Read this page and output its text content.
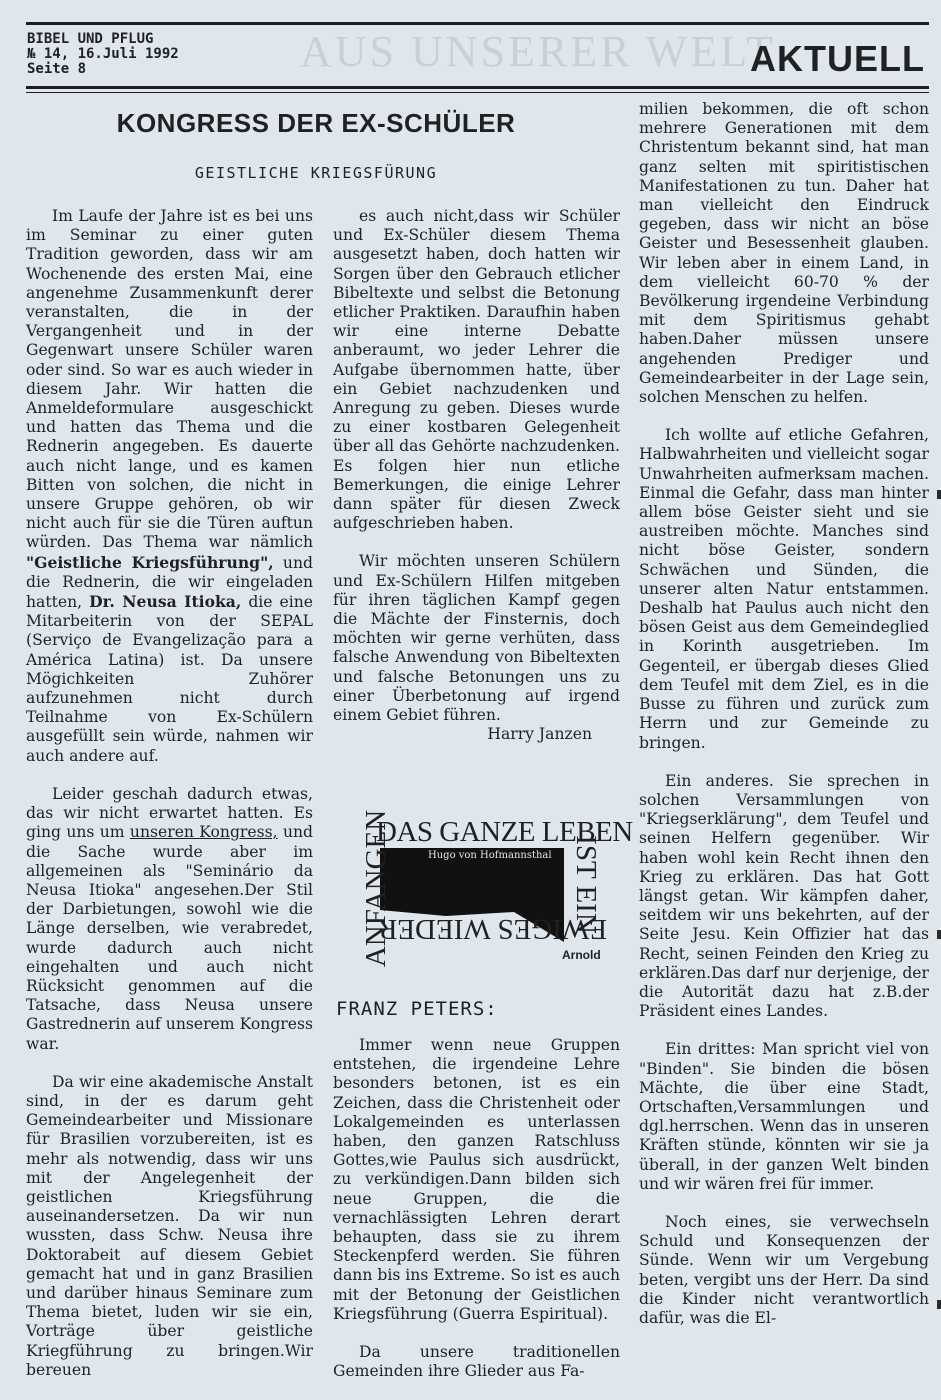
AUS UNSERER WELT
BIBEL UND PFLUG
№ 14, 16.Juli 1992
Seite 8	AKTUELL
KONGRESS DER EX-SCHÜLER
GEISTLICHE KRIEGSFÜRUNG

Im Laufe der Jahre ist es bei uns im Seminar zu einer guten Tradition geworden, dass wir am Wochenende des ersten Mai, eine angenehme Zusammenkunft derer veranstalten, die in der Vergangenheit und in der Gegenwart unsere Schüler waren oder sind. So war es auch wieder in diesem Jahr. Wir hatten die Anmeldeformulare ausgeschickt und hatten das Thema und die Rednerin angegeben. Es dauerte auch nicht lange, und es kamen Bitten von solchen, die nicht in unsere Gruppe gehören, ob wir nicht auch für sie die Türen auftun würden. Das Thema war nämlich "Geistliche Kriegsführung", und die Rednerin, die wir eingeladen hatten, Dr. Neusa Itioka, die eine Mitarbeiterin von der SEPAL (Serviço de Evangelização para a América Latina) ist. Da unsere Mögichkeiten Zuhörer aufzunehmen nicht durch Teilnahme von Ex-Schülern ausgefüllt sein würde, nahmen wir auch andere auf.

Leider geschah dadurch etwas, das wir nicht erwartet hatten. Es ging uns um unseren Kongress, und die Sache wurde aber im allgemeinen als "Seminário da Neusa Itioka" angesehen.Der Stil der Darbietungen, sowohl wie die Länge derselben, wie verabredet, wurde dadurch auch nicht eingehalten und auch nicht Rücksicht genommen auf die Tatsache, dass Neusa unsere Gastrednerin auf unserem Kongress war.

Da wir eine akademische Anstalt sind, in der es darum geht Gemeindearbeiter und Missionare für Brasilien vorzubereiten, ist es mehr als notwendig, dass wir uns mit der Angelegenheit der geistlichen Kriegsführung auseinandersetzen. Da wir nun wussten, dass Schw. Neusa ihre Doktorabeit auf diesem Gebiet gemacht hat und in ganz Brasilien und darüber hinaus Seminare zum Thema bietet, luden wir sie ein, Vorträge über geistliche Kriegführung zu bringen.Wir bereuen

es auch nicht,dass wir Schüler und Ex-Schüler diesem Thema ausgesetzt haben, doch hatten wir Sorgen über den Gebrauch etlicher Bibeltexte und selbst die Betonung etlicher Praktiken. Daraufhin haben wir eine interne Debatte anberaumt, wo jeder Lehrer die Aufgabe übernommen hatte, über ein Gebiet nachzudenken und Anregung zu geben. Dieses wurde zu einer kostbaren Gelegenheit über all das Gehörte nachzudenken. Es folgen hier nun etliche Bemerkungen, die einige Lehrer dann später für diesen Zweck aufgeschrieben haben.

Wir möchten unseren Schülern und Ex-Schülern Hilfen mitgeben für ihren täglichen Kampf gegen die Mächte der Finsternis, doch möchten wir gerne verhüten, dass falsche Anwendung von Bibeltexten und falsche Betonungen uns zu einer Überbetonung auf irgend einem Gebiet führen.

Harry Janzen
DAS GANZE LEBEN
ANFANGEN	IST EIN
EWIGES WIEDER
Hugo von Hofmannsthal
Arnold
FRANZ PETERS:

Immer wenn neue Gruppen entstehen, die irgendeine Lehre besonders betonen, ist es ein Zeichen, dass die Christenheit oder Lokalgemeinden es unterlassen haben, den ganzen Ratschluss Gottes,wie Paulus sich ausdrückt, zu verkündigen.Dann bilden sich neue Gruppen, die die vernachlässigten Lehren derart behaupten, dass sie zu ihrem Steckenpferd werden. Sie führen dann bis ins Extreme. So ist es auch mit der Betonung der Geistlichen Kriegsführung (Guerra Espiritual).

Da unsere traditionellen Gemeinden ihre Glieder aus Fa-

milien bekommen, die oft schon mehrere Generationen mit dem Christentum bekannt sind, hat man ganz selten mit spiritistischen Manifestationen zu tun. Daher hat man vielleicht den Eindruck gegeben, dass wir nicht an böse Geister und Besessenheit glauben. Wir leben aber in einem Land, in dem vielleicht 60-70 % der Bevölkerung irgendeine Verbindung mit dem Spiritismus gehabt haben.Daher müssen unsere angehenden Prediger und Gemeindearbeiter in der Lage sein, solchen Menschen zu helfen.

Ich wollte auf etliche Gefahren, Halbwahrheiten und vielleicht sogar Unwahrheiten aufmerksam machen. Einmal die Gefahr, dass man hinter allem böse Geister sieht und sie austreiben möchte. Manches sind nicht böse Geister, sondern Schwächen und Sünden, die unserer alten Natur entstammen. Deshalb hat Paulus auch nicht den bösen Geist aus dem Gemeindeglied in Korinth ausgetrieben. Im Gegenteil, er übergab dieses Glied dem Teufel mit dem Ziel, es in die Busse zu führen und zurück zum Herrn und zur Gemeinde zu bringen.

Ein anderes. Sie sprechen in solchen Versammlungen von "Kriegserklärung", dem Teufel und seinen Helfern gegenüber. Wir haben wohl kein Recht ihnen den Krieg zu erklären. Das hat Gott längst getan. Wir kämpfen daher, seitdem wir uns bekehrten, auf der Seite Jesu. Kein Offizier hat das Recht, seinen Feinden den Krieg zu erklären.Das darf nur derjenige, der die Autorität dazu hat z.B.der Präsident eines Landes.

Ein drittes: Man spricht viel von "Binden". Sie binden die bösen Mächte, die über eine Stadt, Ortschaften,Versammlungen und dgl.herrschen. Wenn das in unseren Kräften stünde, könnten wir sie ja überall, in der ganzen Welt binden und wir wären frei für immer.

Noch eines, sie verwechseln Schuld und Konsequenzen der Sünde. Wenn wir um Vergebung beten, vergibt uns der Herr. Da sind die Kinder nicht verantwortlich dafür, was die El-
